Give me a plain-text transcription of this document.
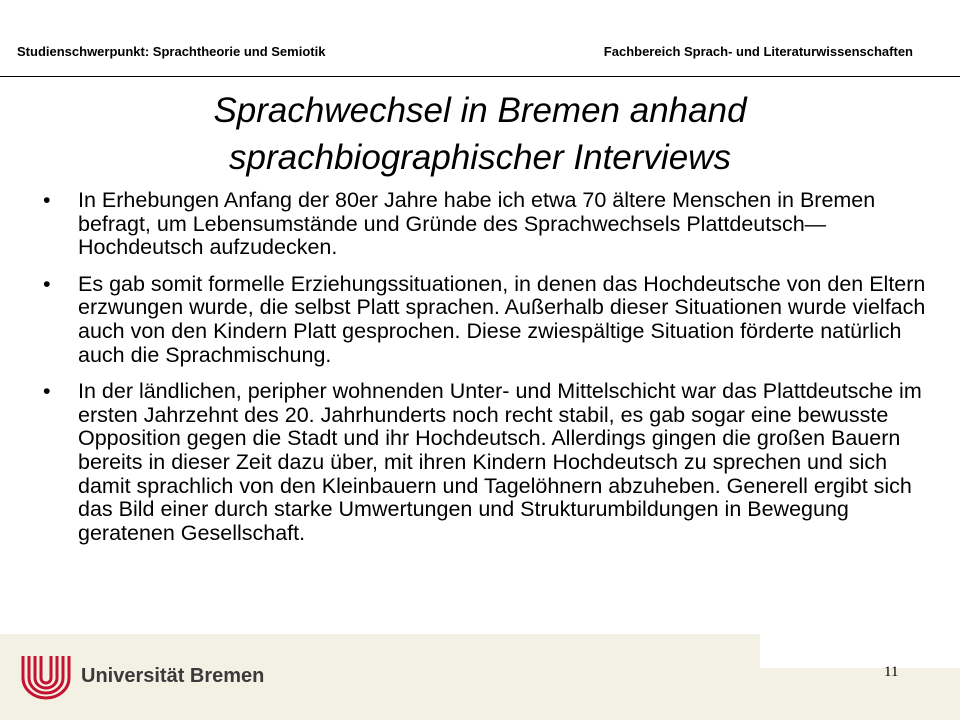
Studienschwerpunkt: Sprachtheorie und Semiotik	Fachbereich Sprach- und Literaturwissenschaften
Sprachwechsel in Bremen anhand
sprachbiographischer Interviews
•	In Erhebungen Anfang der 80er Jahre habe ich etwa 70 ältere Menschen in Bremen befragt, um Lebensumstände und Gründe des Sprachwechsels Plattdeutsch—Hochdeutsch aufzudecken.
•	Es gab somit formelle Erziehungssituationen, in denen das Hochdeutsche von den Eltern erzwungen wurde, die selbst Platt sprachen. Außerhalb dieser Situationen wurde vielfach auch von den Kindern Platt gesprochen. Diese zwiespältige Situation förderte natürlich auch die Sprachmischung.
•	In der ländlichen, peripher wohnenden Unter- und Mittelschicht war das Plattdeutsche im ersten Jahrzehnt des 20. Jahrhunderts noch recht stabil, es gab sogar eine bewusste Opposition gegen die Stadt und ihr Hochdeutsch. Allerdings gingen die großen Bauern bereits in dieser Zeit dazu über, mit ihren Kindern Hochdeutsch zu sprechen und sich damit sprachlich von den Kleinbauern und Tagelöhnern abzuheben. Generell ergibt sich das Bild einer durch starke Umwertungen und Strukturumbildungen in Bewegung geratenen Gesellschaft.
Universität Bremen	11
